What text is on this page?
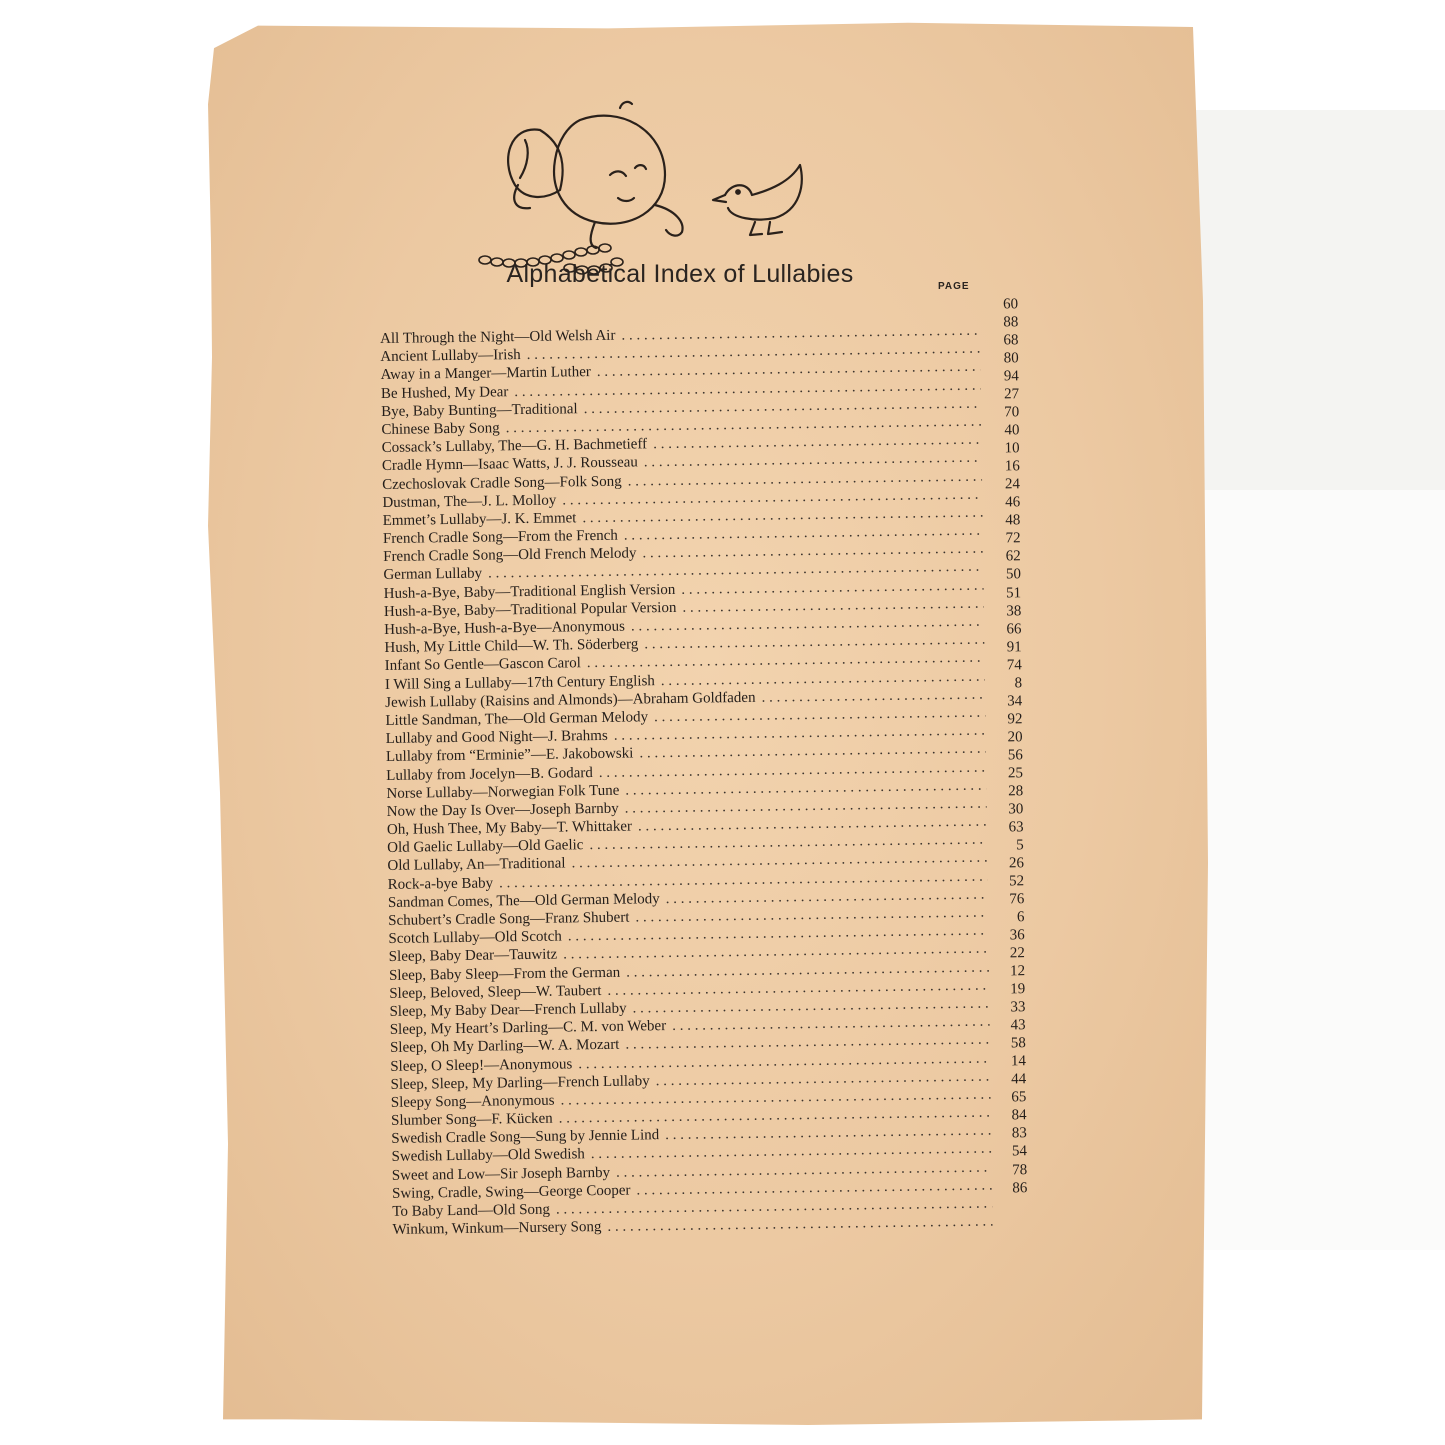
Alphabetical Index of Lullabies	PAGE
60
88
68
80
94
27
70
40
10
16
24
46
48
72
62
50
51
38
66
91
74
8
34
92
20
56
25
28
30
63
5
26
52
76
6
36
22
12
19
33
43
58
14
44
65
84
83
54
78
86
All Through the Night—Old Welsh Air
. . .
Ancient Lullaby—Irish
. . .
Away in a Manger—Martin Luther
. . .
Be Hushed, My Dear
. . .
Bye, Baby Bunting—Traditional
. . .
Chinese Baby Song
. . .
Cossack’s Lullaby, The—G. H. Bachmetieff
. . .
Cradle Hymn—Isaac Watts, J. J. Rousseau
. . .
Czechoslovak Cradle Song—Folk Song
. . .
Dustman, The—J. L. Molloy
. . .
Emmet’s Lullaby—J. K. Emmet
. . .
French Cradle Song—From the French
. . .
French Cradle Song—Old French Melody
. . .
German Lullaby
. . .
Hush-a-Bye, Baby—Traditional English Version
. . .
Hush-a-Bye, Baby—Traditional Popular Version
. . .
Hush-a-Bye, Hush-a-Bye—Anonymous
. . .
Hush, My Little Child—W. Th. Söderberg
. . .
Infant So Gentle—Gascon Carol
. . .
I Will Sing a Lullaby—17th Century English
. . .
Jewish Lullaby (Raisins and Almonds)—Abraham Goldfaden
. . .
Little Sandman, The—Old German Melody
. . .
Lullaby and Good Night—J. Brahms
. . .
Lullaby from “Erminie”—E. Jakobowski
. . .
Lullaby from Jocelyn—B. Godard
. . .
Norse Lullaby—Norwegian Folk Tune
. . .
Now the Day Is Over—Joseph Barnby
. . .
Oh, Hush Thee, My Baby—T. Whittaker
. . .
Old Gaelic Lullaby—Old Gaelic
. . .
Old Lullaby, An—Traditional
. . .
Rock-a-bye Baby
. . .
Sandman Comes, The—Old German Melody
. . .
Schubert’s Cradle Song—Franz Shubert
. . .
Scotch Lullaby—Old Scotch
. . .
Sleep, Baby Dear—Tauwitz
. . .
Sleep, Baby Sleep—From the German
. . .
Sleep, Beloved, Sleep—W. Taubert
. . .
Sleep, My Baby Dear—French Lullaby
. . .
Sleep, My Heart’s Darling—C. M. von Weber
. . .
Sleep, Oh My Darling—W. A. Mozart
. . .
Sleep, O Sleep!—Anonymous
. . .
Sleep, Sleep, My Darling—French Lullaby
. . .
Sleepy Song—Anonymous
. . .
Slumber Song—F. Kücken
. . .
Swedish Cradle Song—Sung by Jennie Lind
. . .
Swedish Lullaby—Old Swedish
. . .
Sweet and Low—Sir Joseph Barnby
. . .
Swing, Cradle, Swing—George Cooper
. . .
To Baby Land—Old Song
. . .
Winkum, Winkum—Nursery Song
. . .
